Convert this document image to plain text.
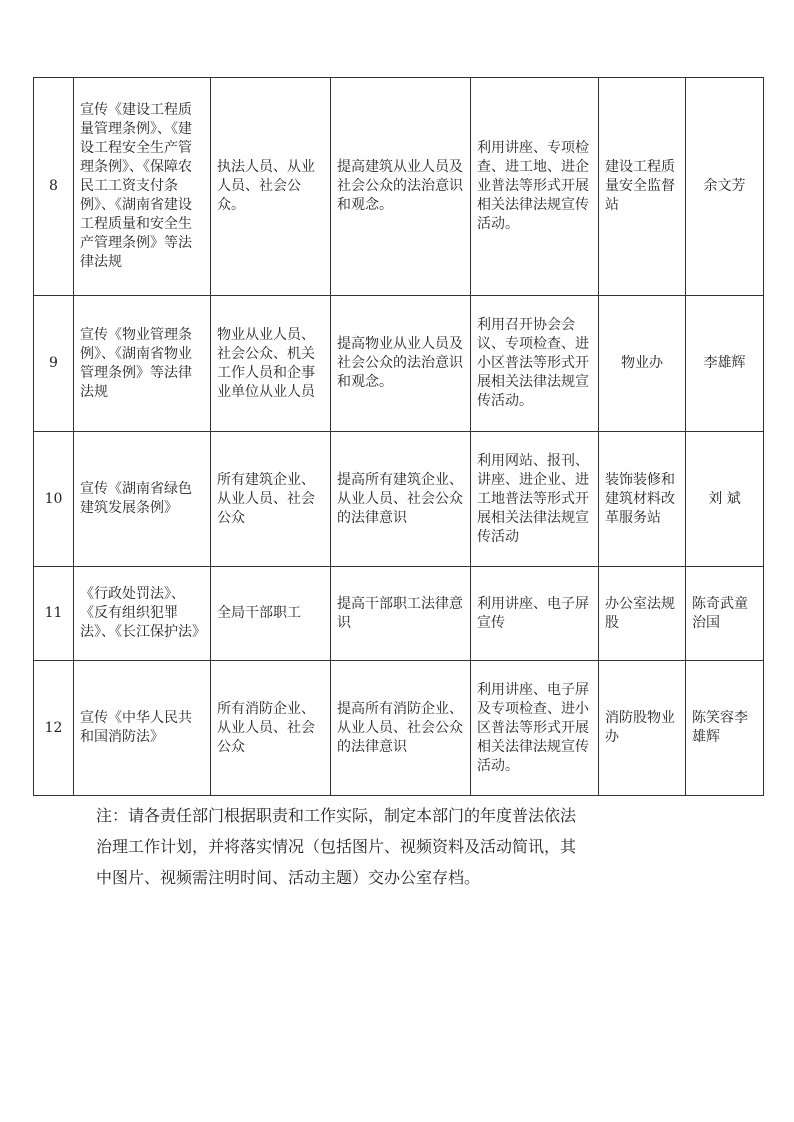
8	宣传《建设工程质量管理条例》、《建设工程安全生产管理条例》、《保障农民工工资支付条例》、《湖南省建设工程质量和安全生产管理条例》等法律法规	执法人员、从业人员、社会公众。	提高建筑从业人员及社会公众的法治意识和观念。	利用讲座、专项检查、进工地、进企业普法等形式开展相关法律法规宣传活动。	建设工程质量安全监督站	余文芳
9	宣传《物业管理条例》、《湖南省物业管理条例》等法律法规	物业从业人员、社会公众、机关工作人员和企事业单位从业人员	提高物业从业人员及社会公众的法治意识和观念。	利用召开协会会议、专项检查、进小区普法等形式开展相关法律法规宣传活动。	物业办	李雄辉
10	宣传《湖南省绿色建筑发展条例》	所有建筑企业、从业人员、社会公众	提高所有建筑企业、从业人员、社会公众的法律意识	利用网站、报刊、讲座、进企业、进工地普法等形式开展相关法律法规宣传活动	装饰装修和建筑材料改革服务站	刘 斌
11	《行政处罚法》、《反有组织犯罪法》、《长江保护法》	全局干部职工	提高干部职工法律意识	利用讲座、电子屏宣传	办公室法规股	陈奇武童治国
12	宣传《中华人民共和国消防法》	所有消防企业、从业人员、社会公众	提高所有消防企业、从业人员、社会公众的法律意识	利用讲座、电子屏及专项检查、进小区普法等形式开展相关法律法规宣传活动。	消防股物业办	陈笑容李雄辉

注：请各责任部门根据职责和工作实际，制定本部门的年度普法依法

治理工作计划，并将落实情况（包括图片、视频资料及活动简讯，其

中图片、视频需注明时间、活动主题）交办公室存档。
